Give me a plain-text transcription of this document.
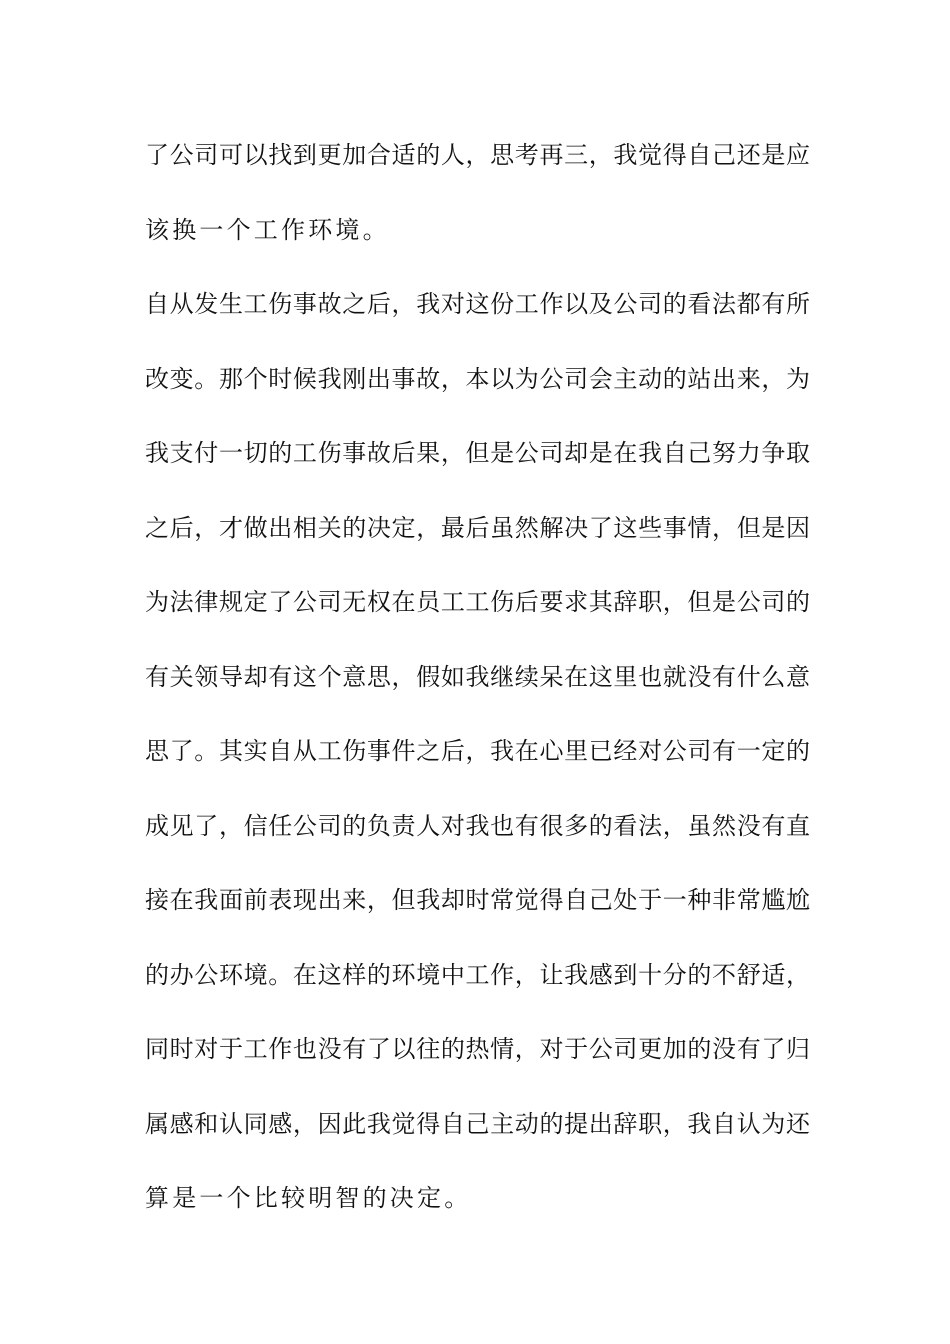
了公司可以找到更加合适的人，思考再三，我觉得自己还是应
该换一个工作环境。
自从发生工伤事故之后，我对这份工作以及公司的看法都有所
改变。那个时候我刚出事故，本以为公司会主动的站出来，为
我支付一切的工伤事故后果，但是公司却是在我自己努力争取
之后，才做出相关的决定，最后虽然解决了这些事情，但是因
为法律规定了公司无权在员工工伤后要求其辞职，但是公司的
有关领导却有这个意思，假如我继续呆在这里也就没有什么意
思了。其实自从工伤事件之后，我在心里已经对公司有一定的
成见了，信任公司的负责人对我也有很多的看法，虽然没有直
接在我面前表现出来，但我却时常觉得自己处于一种非常尴尬
的办公环境。在这样的环境中工作，让我感到十分的不舒适，
同时对于工作也没有了以往的热情，对于公司更加的没有了归
属感和认同感，因此我觉得自己主动的提出辞职，我自认为还
算是一个比较明智的决定。
